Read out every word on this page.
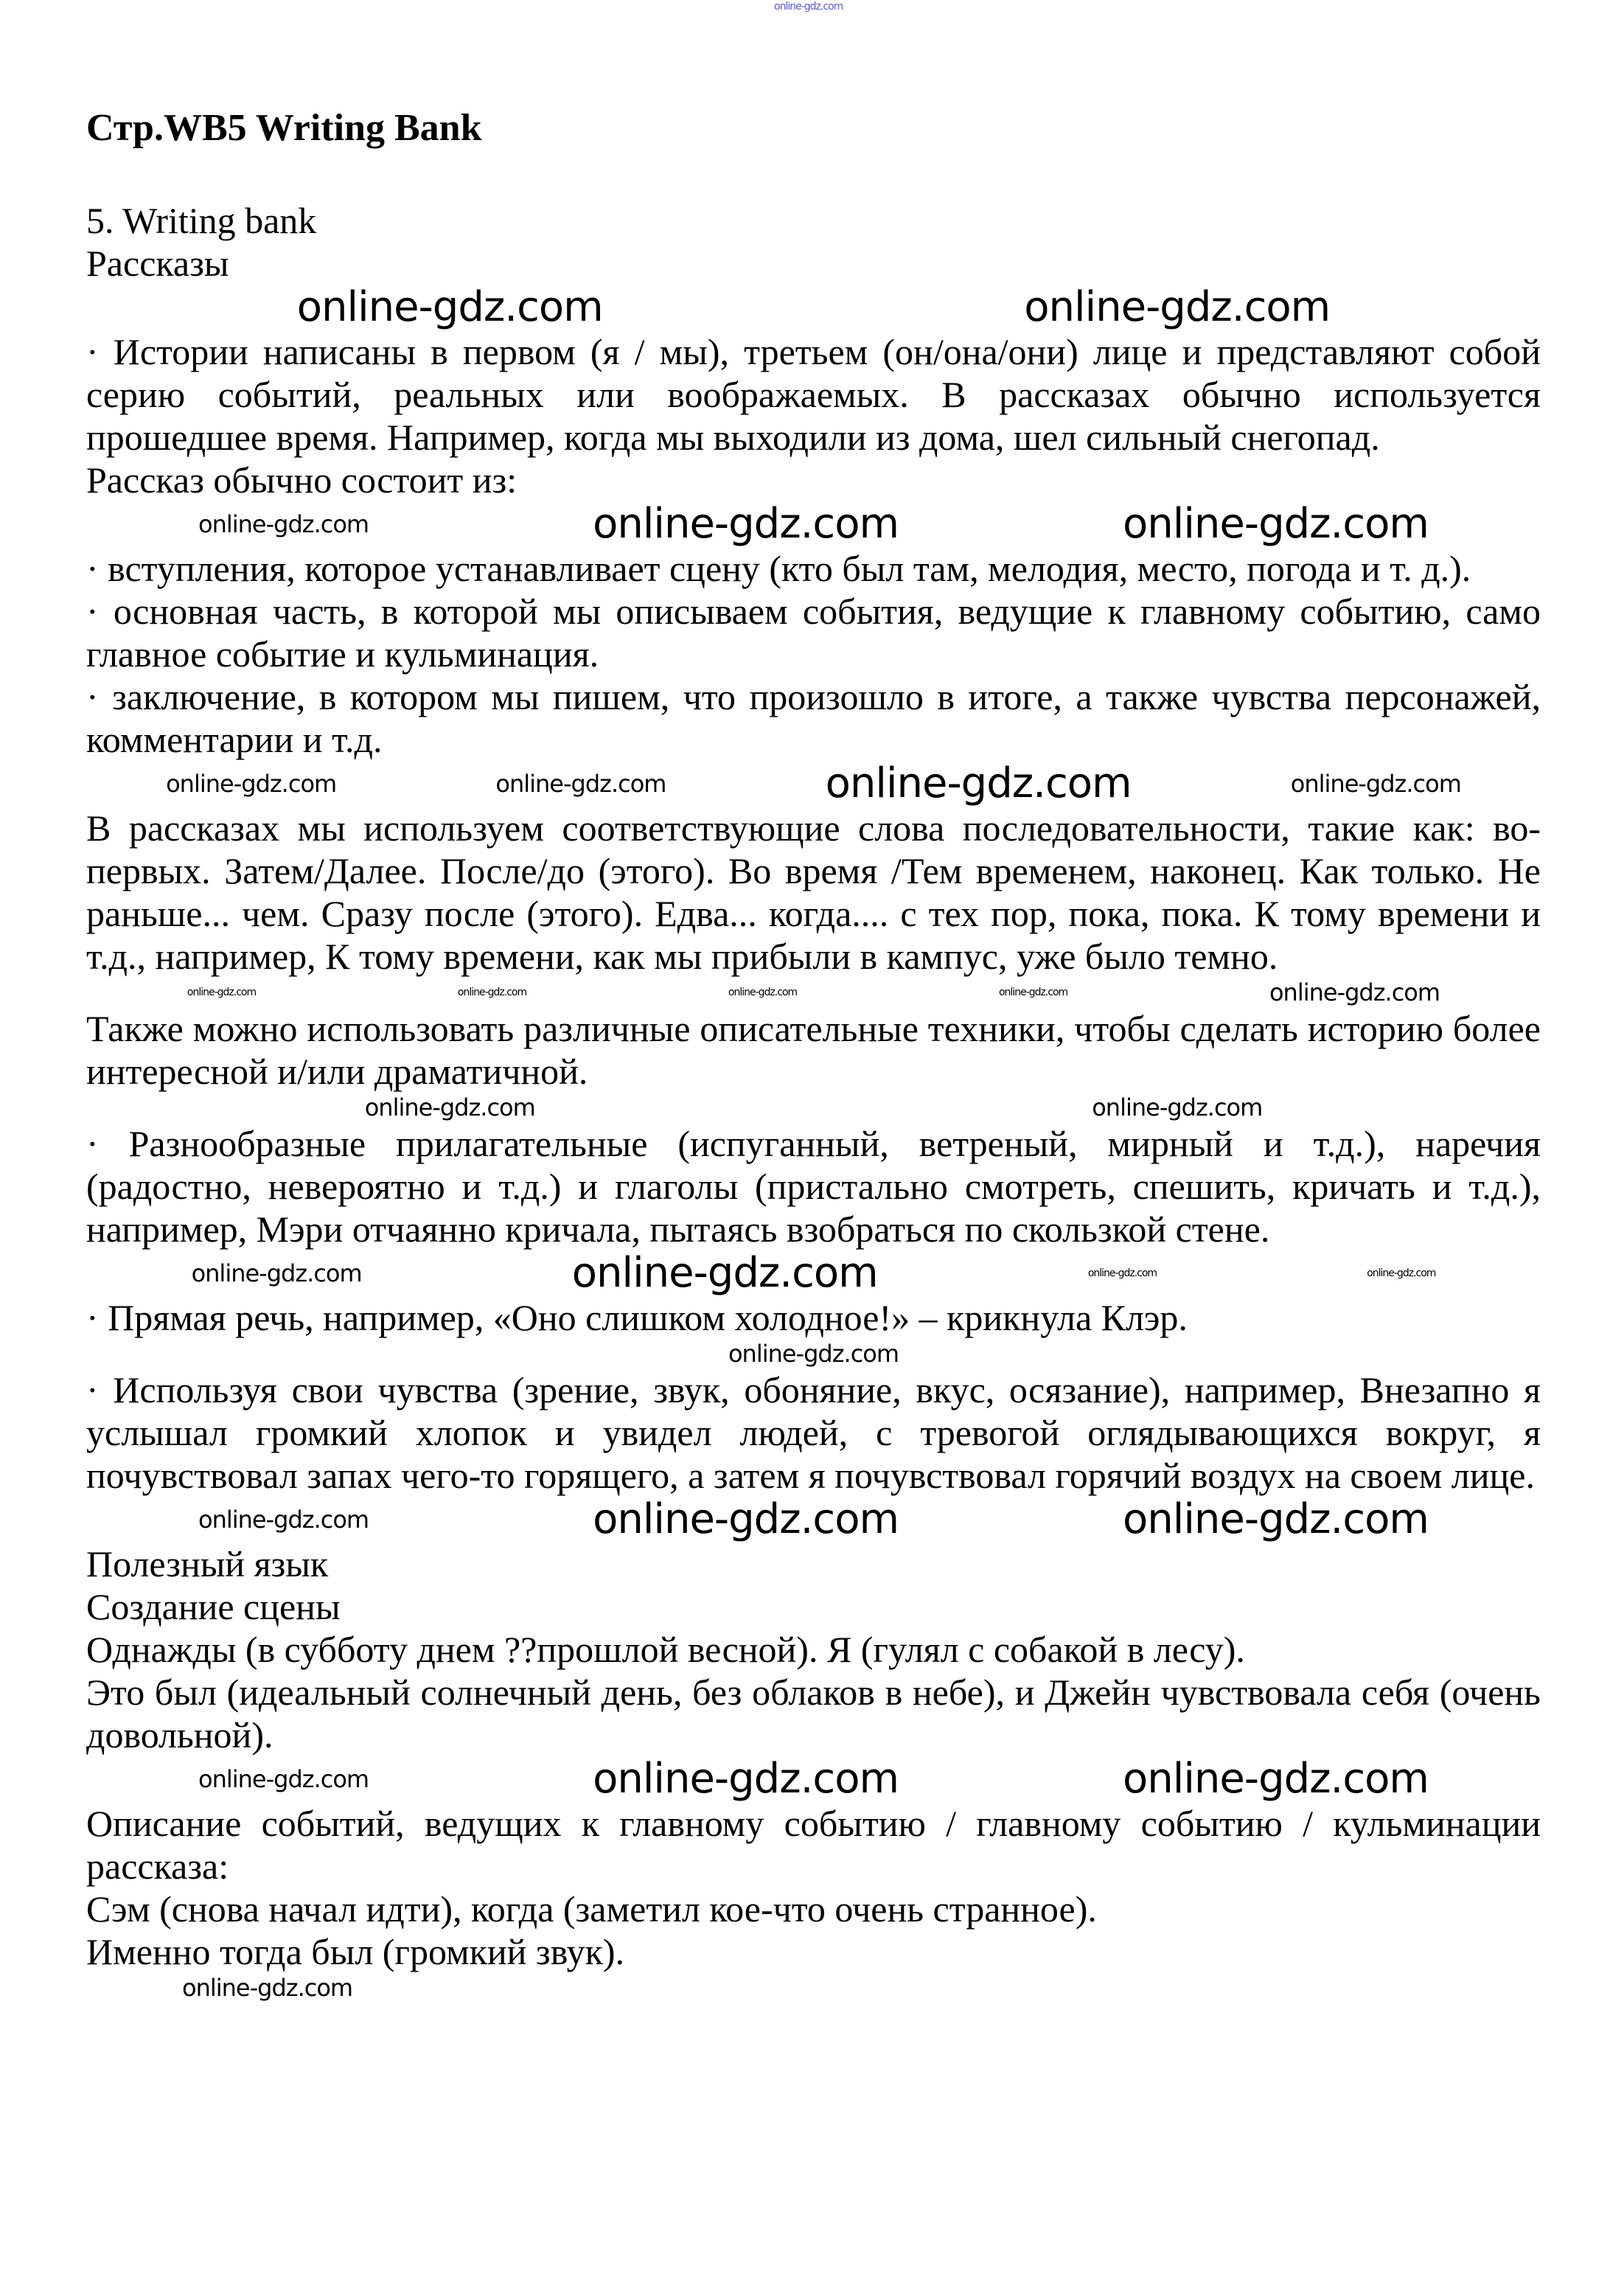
online-gdz.com
Стр.WB5 Writing Bank

5. Writing bank

Рассказы

online-gdz.com	online-gdz.com

· Истории написаны в первом (я / мы), третьем (он/она/они) лице и представляют собой серию событий, реальных или воображаемых. В рассказах обычно используется прошедшее время. Например, когда мы выходили из дома, шел сильный снегопад.

Рассказ обычно состоит из:

online-gdz.com	online-gdz.com	online-gdz.com

· вступления, которое устанавливает сцену (кто был там, мелодия, место, погода и т. д.).

· основная часть, в которой мы описываем события, ведущие к главному событию, само главное событие и кульминация.

· заключение, в котором мы пишем, что произошло в итоге, а также чувства персонажей, комментарии и т.д.

online-gdz.com	online-gdz.com	online-gdz.com	online-gdz.com

В рассказах мы используем соответствующие слова последовательности, такие как: во-первых. Затем/Далее. После/до (этого). Во время /Тем временем, наконец. Как только. Не раньше... чем. Сразу после (этого). Едва... когда.... с тех пор, пока, пока. К тому времени и т.д., например, К тому времени, как мы прибыли в кампус, уже было темно.

online-gdz.com	online-gdz.com	online-gdz.com	online-gdz.com	online-gdz.com

Также можно использовать различные описательные техники, чтобы сделать историю более интересной и/или драматичной.

online-gdz.com	online-gdz.com

· Разнообразные прилагательные (испуганный, ветреный, мирный и т.д.), наречия (радостно, невероятно и т.д.) и глаголы (пристально смотреть, спешить, кричать и т.д.), например, Мэри отчаянно кричала, пытаясь взобраться по скользкой стене.

online-gdz.com	online-gdz.com	online-gdz.com	online-gdz.com

· Прямая речь, например, «Оно слишком холодное!» – крикнула Клэр.

online-gdz.com

· Используя свои чувства (зрение, звук, обоняние, вкус, осязание), например, Внезапно я услышал громкий хлопок и увидел людей, с тревогой оглядывающихся вокруг, я почувствовал запах чего-то горящего, а затем я почувствовал горячий воздух на своем лице.

online-gdz.com	online-gdz.com	online-gdz.com

Полезный язык

Создание сцены

Однажды (в субботу днем ??прошлой весной). Я (гулял с собакой в лесу).

Это был (идеальный солнечный день, без облаков в небе), и Джейн чувствовала себя (очень довольной).

online-gdz.com	online-gdz.com	online-gdz.com

Описание событий, ведущих к главному событию / главному событию / кульминации рассказа:

Сэм (снова начал идти), когда (заметил кое-что очень странное).

Именно тогда был (громкий звук).

online-gdz.com
